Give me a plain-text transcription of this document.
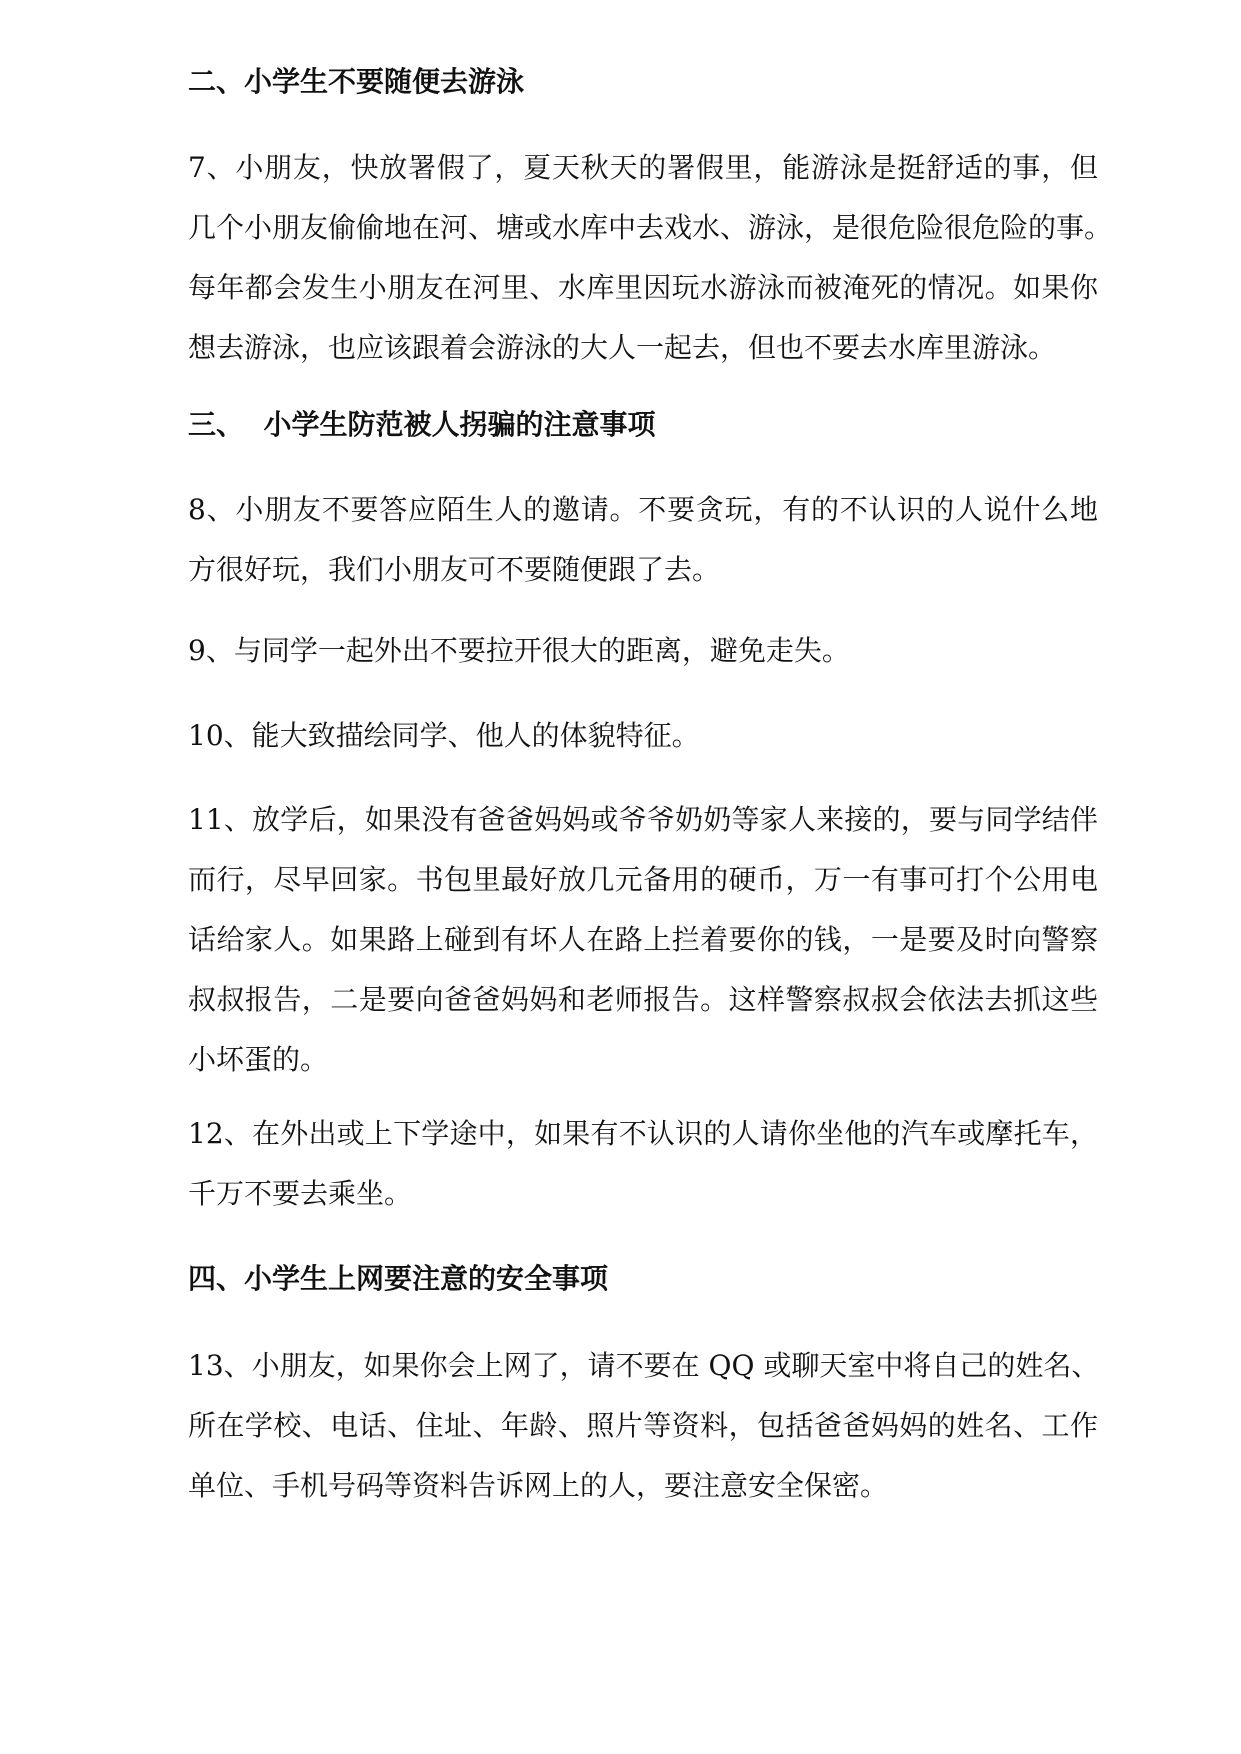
二、小学生不要随便去游泳
7、小朋友，快放署假了，夏天秋天的署假里，能游泳是挺舒适的事，但
几个小朋友偷偷地在河、塘或水库中去戏水、游泳，是很危险很危险的事。
每年都会发生小朋友在河里、水库里因玩水游泳而被淹死的情况。如果你
想去游泳，也应该跟着会游泳的大人一起去，但也不要去水库里游泳。
三、  小学生防范被人拐骗的注意事项
8、小朋友不要答应陌生人的邀请。不要贪玩，有的不认识的人说什么地
方很好玩，我们小朋友可不要随便跟了去。
9、与同学一起外出不要拉开很大的距离，避免走失。
10、能大致描绘同学、他人的体貌特征。
11、放学后，如果没有爸爸妈妈或爷爷奶奶等家人来接的，要与同学结伴
而行，尽早回家。书包里最好放几元备用的硬币，万一有事可打个公用电
话给家人。如果路上碰到有坏人在路上拦着要你的钱，一是要及时向警察
叔叔报告，二是要向爸爸妈妈和老师报告。这样警察叔叔会依法去抓这些
小坏蛋的。
12、在外出或上下学途中，如果有不认识的人请你坐他的汽车或摩托车，
千万不要去乘坐。
四、小学生上网要注意的安全事项
13、小朋友，如果你会上网了，请不要在 QQ 或聊天室中将自己的姓名、
所在学校、电话、住址、年龄、照片等资料，包括爸爸妈妈的姓名、工作
单位、手机号码等资料告诉网上的人，要注意安全保密。
